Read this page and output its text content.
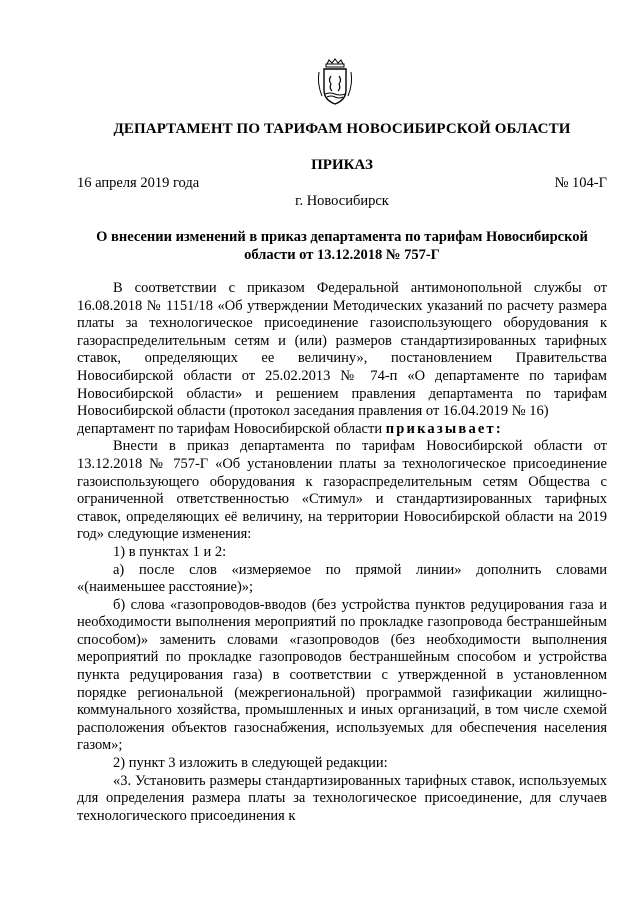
ДЕПАРТАМЕНТ ПО ТАРИФАМ НОВОСИБИРСКОЙ ОБЛАСТИ
ПРИКАЗ
16 апреля 2019 года	№ 104-Г
г. Новосибирск
О внесении изменений в приказ департамента по тарифам Новосибирской области от 13.12.2018 № 757-Г

В соответствии с приказом Федеральной антимонопольной службы от 16.08.2018 № 1151/18 «Об утверждении Методических указаний по расчету размера платы за технологическое присоединение газоиспользующего оборудования к газораспределительным сетям и (или) размеров стандартизированных тарифных ставок, определяющих ее величину», постановлением Правительства Новосибирской области от 25.02.2013 № 74-п «О департаменте по тарифам Новосибирской области» и решением правления департамента по тарифам Новосибирской области (протокол заседания правления от 16.04.2019 № 16)

департамент по тарифам Новосибирской области приказывает:

Внести в приказ департамента по тарифам Новосибирской области от 13.12.2018 № 757-Г «Об установлении платы за технологическое присоединение газоиспользующего оборудования к газораспределительным сетям Общества с ограниченной ответственностью «Стимул» и стандартизированных тарифных ставок, определяющих её величину, на территории Новосибирской области на 2019 год» следующие изменения:

1) в пунктах 1 и 2:

а) после слов «измеряемое по прямой линии» дополнить словами «(наименьшее расстояние)»;

б) слова «газопроводов-вводов (без устройства пунктов редуцирования газа и необходимости выполнения мероприятий по прокладке газопровода бестраншейным способом)» заменить словами «газопроводов (без необходимости выполнения мероприятий по прокладке газопроводов бестраншейным способом и устройства пункта редуцирования газа) в соответствии с утвержденной в установленном порядке региональной (межрегиональной) программой газификации жилищно-коммунального хозяйства, промышленных и иных организаций, в том числе схемой расположения объектов газоснабжения, используемых для обеспечения населения газом»;

2) пункт 3 изложить в следующей редакции:

«3. Установить размеры стандартизированных тарифных ставок, используемых для определения размера платы за технологическое присоединение, для случаев технологического присоединения к
